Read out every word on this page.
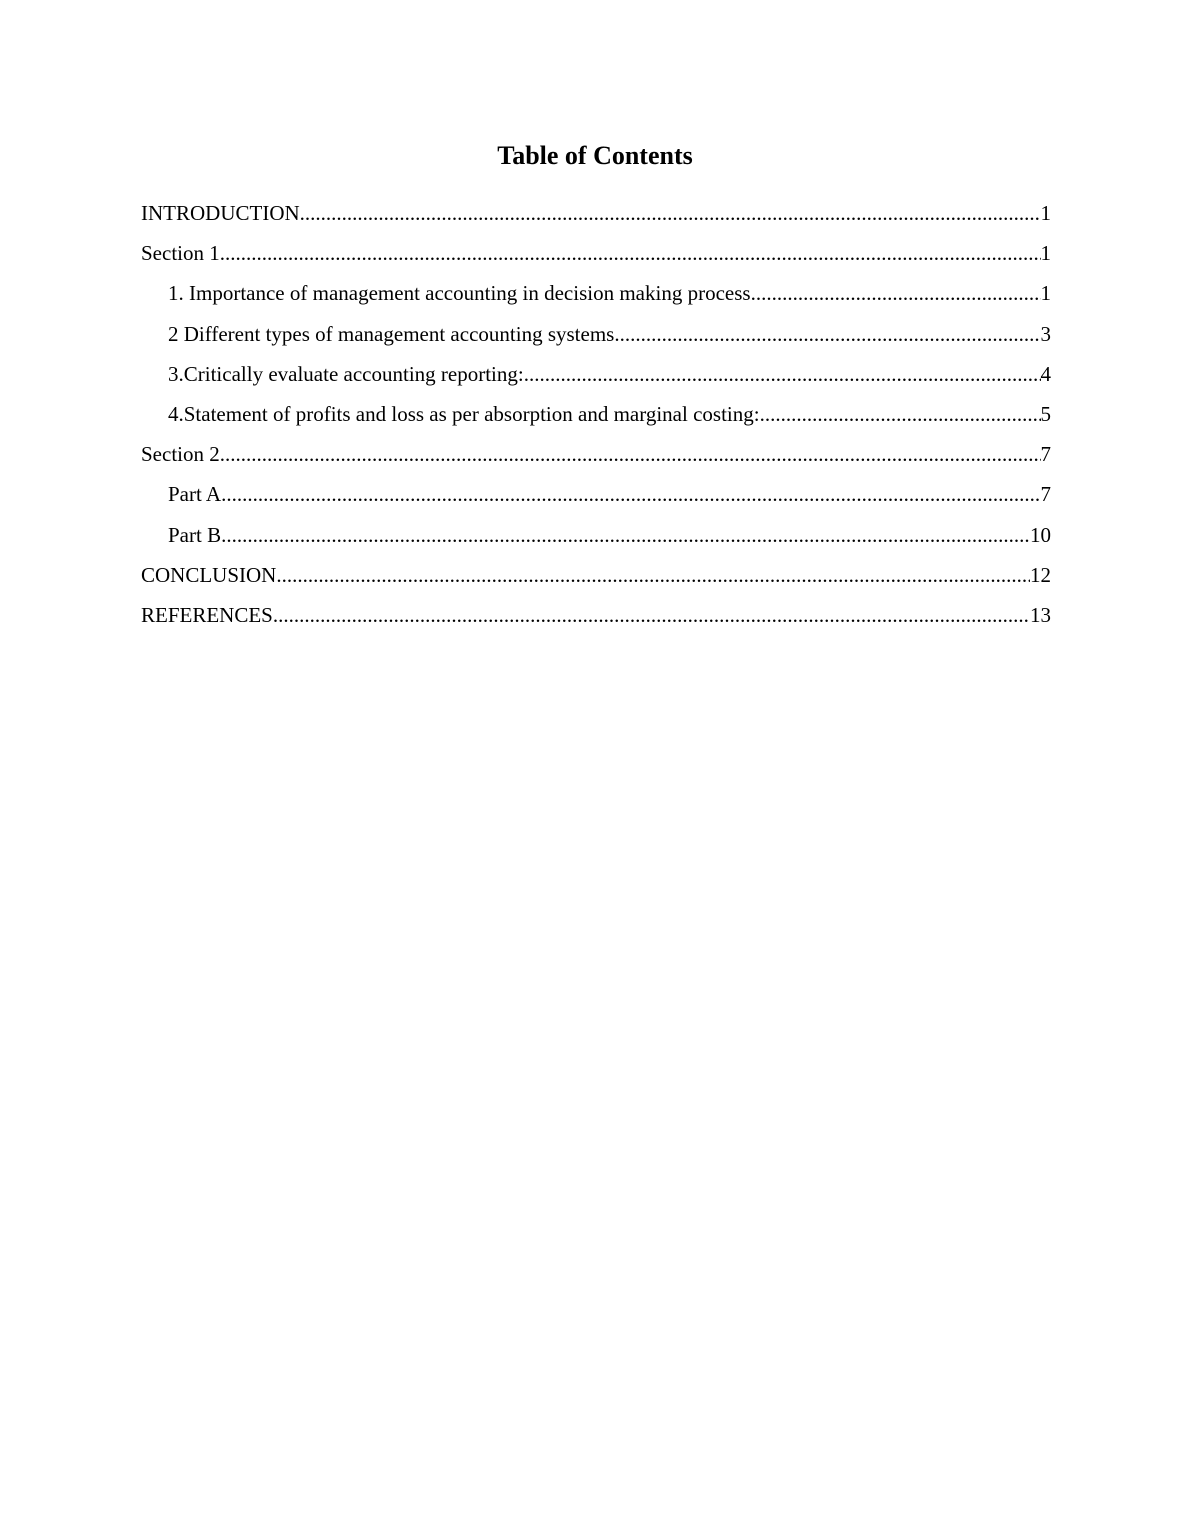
Table of Contents
INTRODUCTION .....	1
Section 1 .....	1
1. Importance of management accounting in decision making process. .....	1
2 Different types of management accounting systems. .....	3
3.Critically evaluate accounting reporting: .....	4
4.Statement of profits and loss as per absorption and marginal costing: .....	5
Section 2 .....	7
Part A .....	7
Part B .....	10
CONCLUSION .....	12
REFERENCES .....	13
